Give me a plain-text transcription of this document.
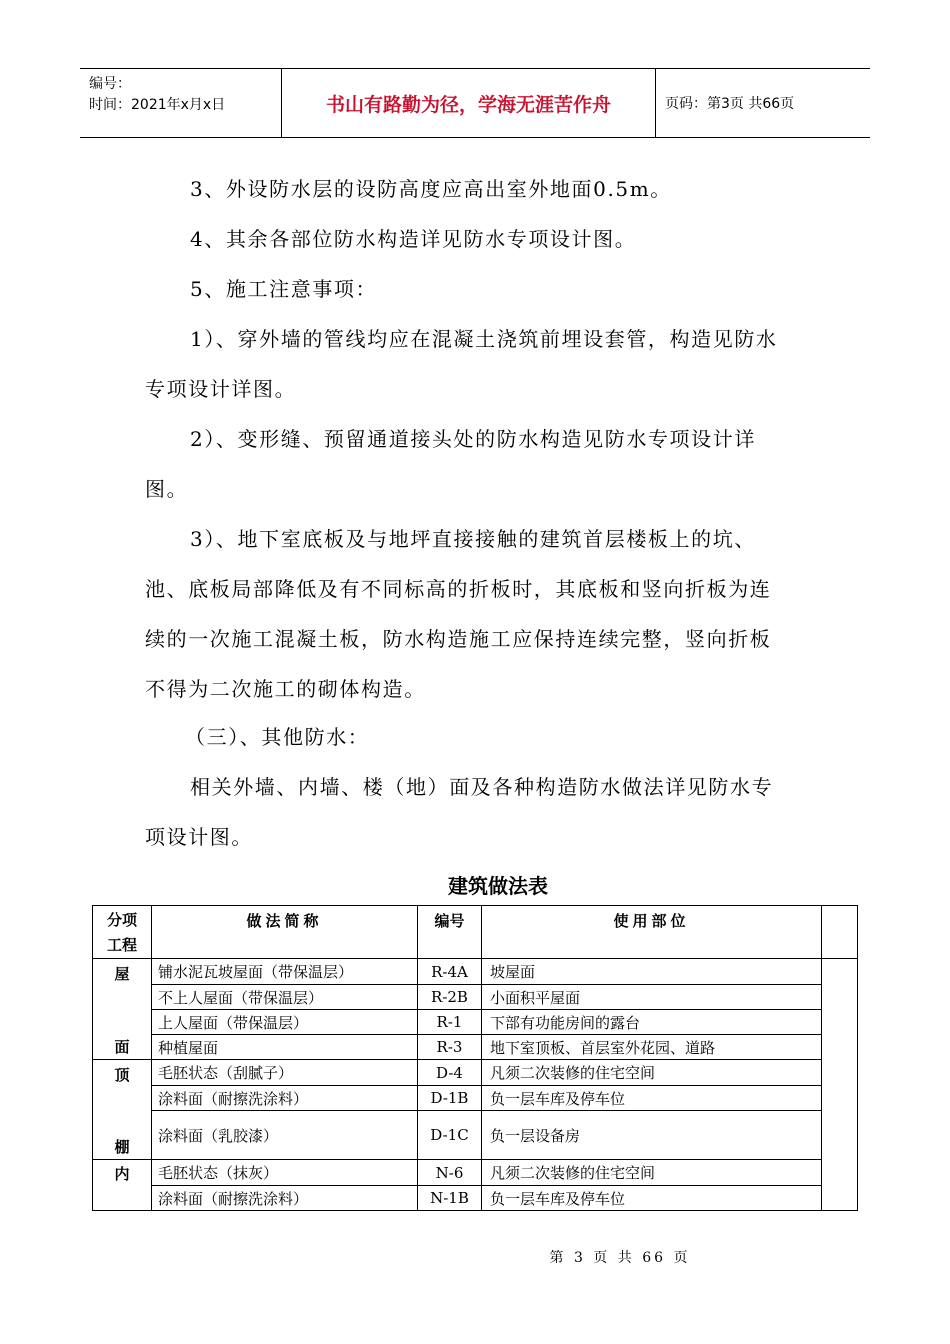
编号：
时间：2021年x月x日	书山有路勤为径，学海无涯苦作舟	页码：第3页 共66页
3、外设防水层的设防高度应高出室外地面0.5m。
4、其余各部位防水构造详见防水专项设计图。
5、施工注意事项：
1）、穿外墙的管线均应在混凝土浇筑前埋设套管，构造见防水
专项设计详图。
2）、变形缝、预留通道接头处的防水构造见防水专项设计详
图。
3）、地下室底板及与地坪直接接触的建筑首层楼板上的坑、
池、底板局部降低及有不同标高的折板时，其底板和竖向折板为连
续的一次施工混凝土板，防水构造施工应保持连续完整，竖向折板
不得为二次施工的砌体构造。
（三）、其他防水：
相关外墙、内墙、楼（地）面及各种构造防水做法详见防水专
项设计图。
建筑做法表
分项
工程	做法简称	编号	使用部位	

屋
面	铺水泥瓦坡屋面（带保温层）	R-4A	坡屋面	
	不上人屋面（带保温层）	R-2B	小面积平屋面	
	上人屋面（带保温层）	R-1	下部有功能房间的露台	
	种植屋面	R-3	地下室顶板、首层室外花园、道路	

顶
棚	毛胚状态（刮腻子）	D-4	凡须二次装修的住宅空间	
	涂料面（耐擦洗涂料）	D-1B	负一层车库及停车位	
	涂料面（乳胶漆）	D-1C	负一层设备房	
内	毛胚状态（抹灰）	N-6	凡须二次装修的住宅空间	
	涂料面（耐擦洗涂料）	N-1B	负一层车库及停车位	
第 3 页 共 66 页
